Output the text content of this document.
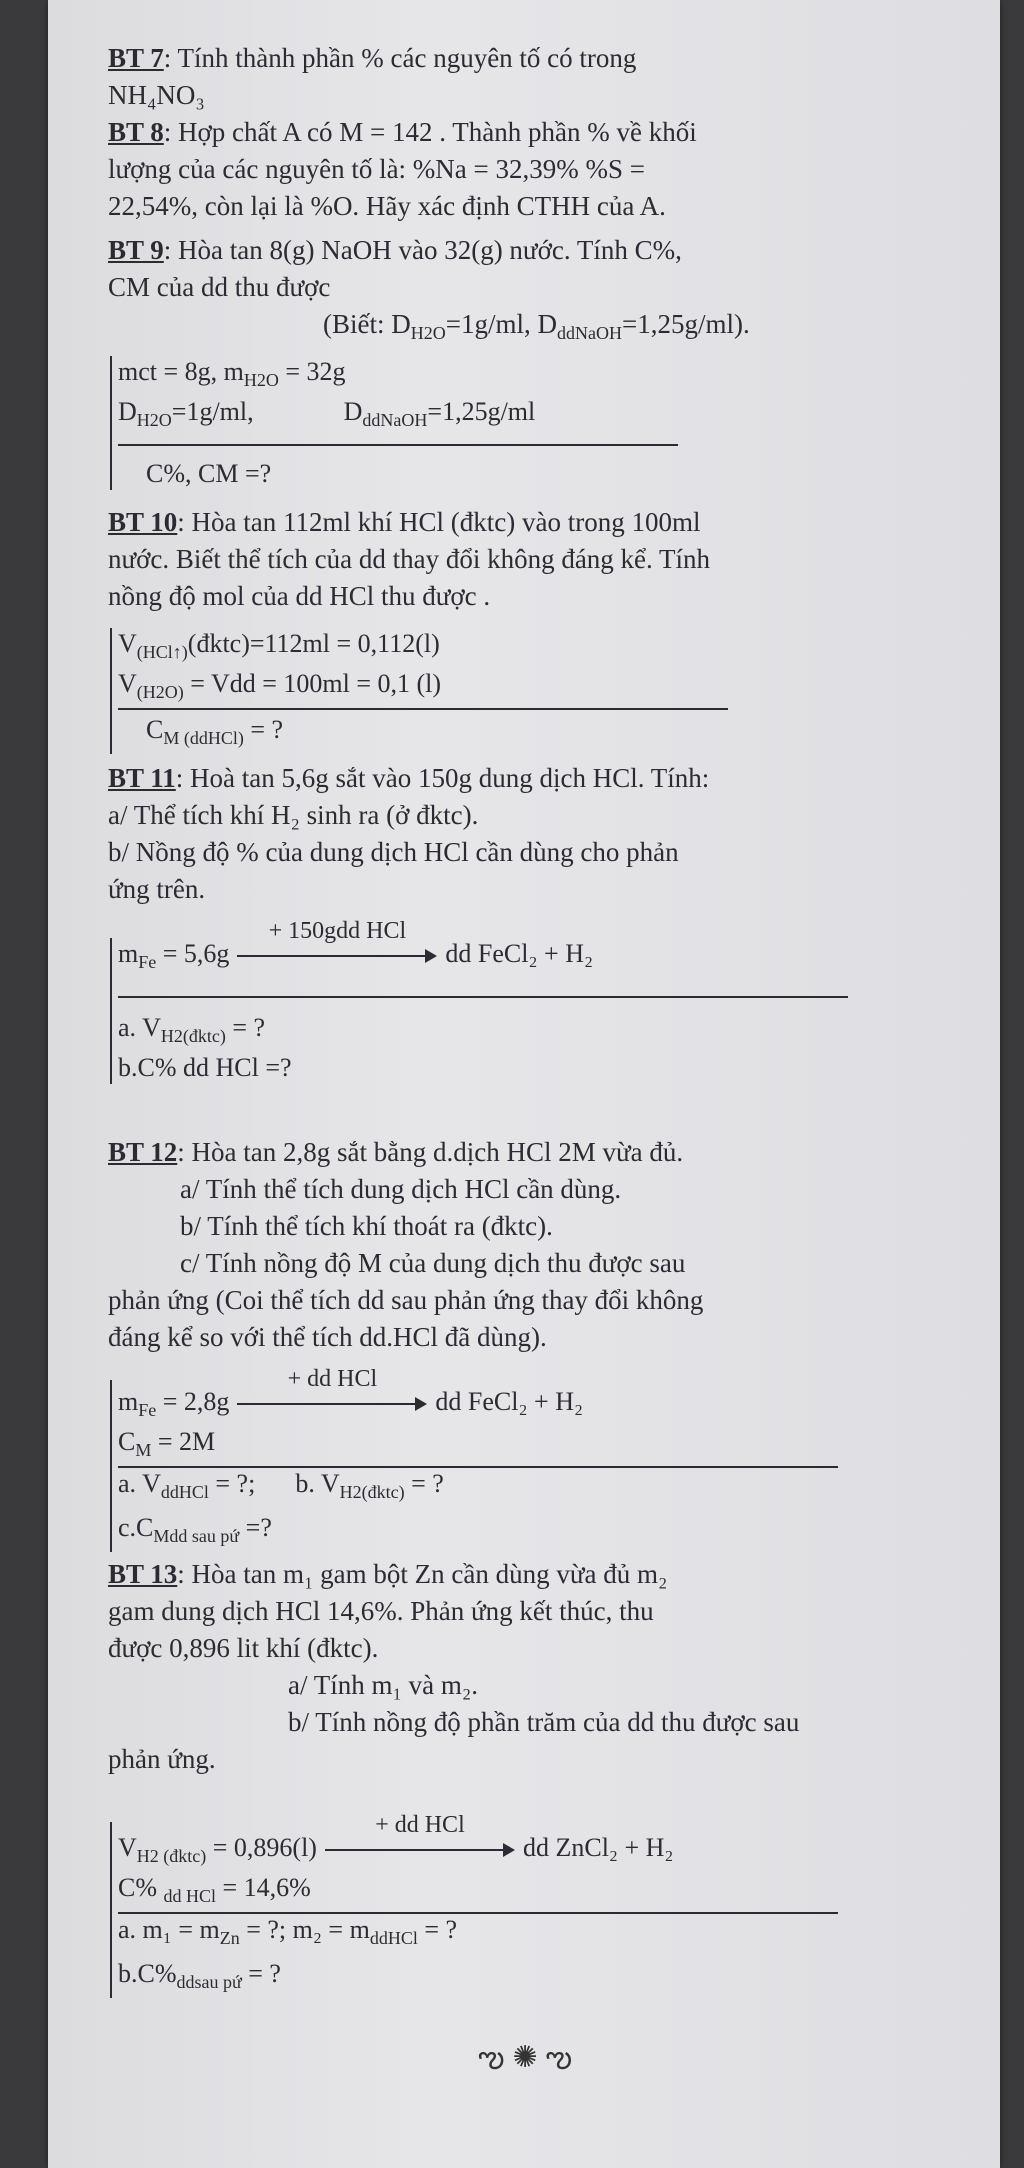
BT 7: Tính thành phần % các nguyên tố có trong
NH₄NO₃
BT 8: Hợp chất A có M = 142 . Thành phần % về khối
lượng của các nguyên tố là: %Na = 32,39% %S =
22,54%, còn lại là %O. Hãy xác định CTHH của A.
BT 9: Hòa tan 8(g) NaOH vào 32(g) nước. Tính C%,
CM của dd thu được
(Biết: $D_{H2O}=1g/ml$, $D_{ddNaOH}=1,25g/ml$).
mct = 8g, $m_{H2O} = 32g$
$D_{H2O}=1g/ml$,	$D_{ddNaOH}=1,25g/ml$
C%, CM =?
BT 10: Hòa tan 112ml khí HCl (đktc) vào trong 100ml
nước. Biết thể tích của dd thay đổi không đáng kể. Tính
nồng độ mol của dd HCl thu được .
$V_{(HCl↑)}(đktc)=112ml = 0,112(l)$
$V_{(H2O)}$ = Vdd = 100ml = 0,1 (l)
$C_{M (ddHCl)}$ = ?
BT 11: Hoà tan 5,6g sắt vào 150g dung dịch HCl. Tính:
a/ Thể tích khí H₂ sinh ra (ở đktc).
b/ Nồng độ % của dung dịch HCl cần dùng cho phản
ứng trên.
$m_{Fe} = 5,6g$
+ 150gdd HCl
dd FeCl₂ + H₂
a. $V_{H2(đktc)}$ = ?
b.C% dd HCl =?
BT 12: Hòa tan 2,8g sắt bằng d.dịch HCl 2M vừa đủ.
a/ Tính thể tích dung dịch HCl cần dùng.
b/ Tính thể tích khí thoát ra (đktc).
c/ Tính nồng độ M của dung dịch thu được sau
phản ứng (Coi thể tích dd sau phản ứng thay đổi không
đáng kể so với thể tích dd.HCl đã dùng).
$m_{Fe} = 2,8g$
+ dd HCl
dd FeCl₂ + H₂
$C_M = 2M$
a. $V_{ddHCl}$ = ?; b. $V_{H2(đktc)}$ = ?
$c.C_{Mdd sau pứ}$ =?
BT 13: Hòa tan m₁ gam bột Zn cần dùng vừa đủ m₂
gam dung dịch HCl 14,6%. Phản ứng kết thúc, thu
được 0,896 lit khí (đktc).
a/ Tính m₁ và m₂.
b/ Tính nồng độ phần trăm của dd thu được sau
phản ứng.
$V_{H2 (đktc)} = 0,896(l)$
+ dd HCl
dd ZnCl₂ + H₂
C% $_{dd HCl}$ = 14,6%
a. $m_1 = m_{Zn}$ = ?; $m_2 = m_{ddHCl}$ = ?
$b.C\%_{ddsau pứ}$ = ?
ఌ✺ఌ
